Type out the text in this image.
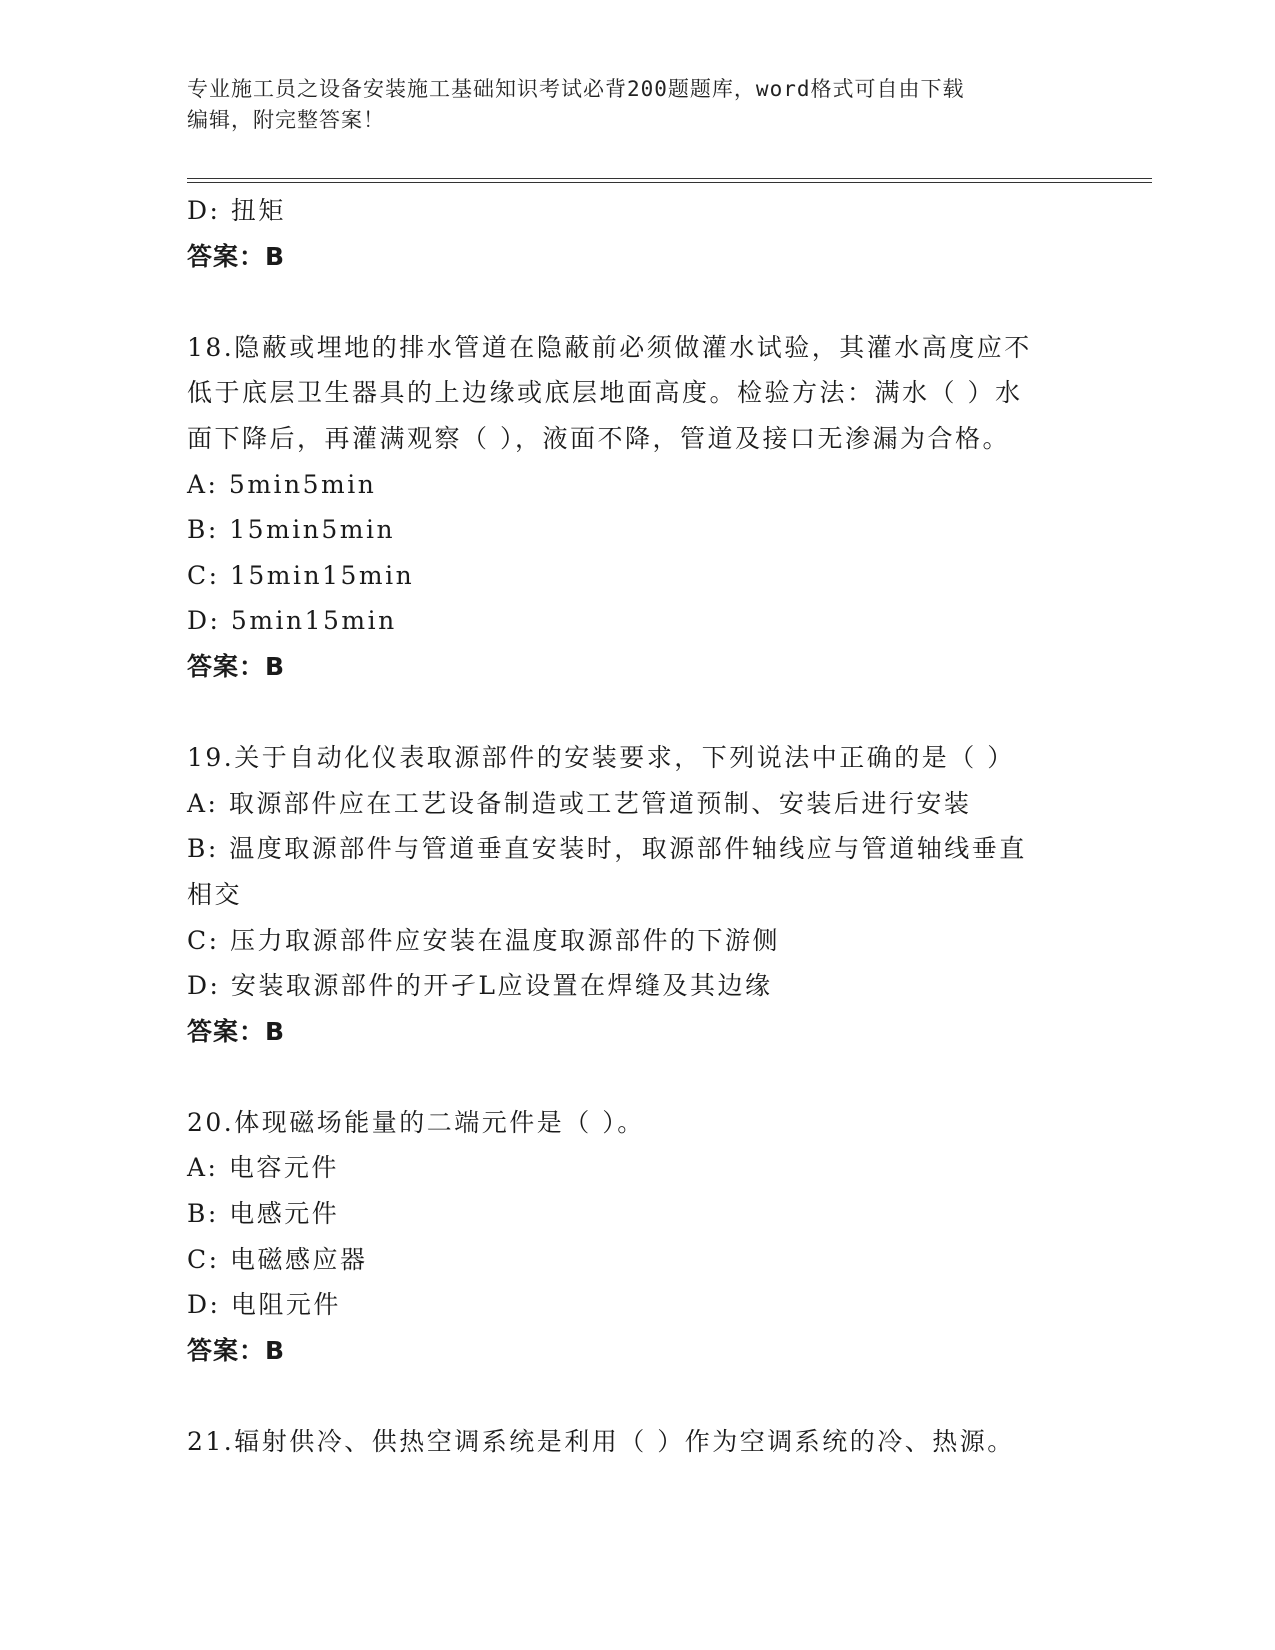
专业施工员之设备安装施工基础知识考试必背200题题库，word格式可自由下载
编辑，附完整答案！
D: 扭矩
答案：B
18.隐蔽或埋地的排水管道在隐蔽前必须做灌水试验，其灌水高度应不
低于底层卫生器具的上边缘或底层地面高度。检验方法：满水（ ）水
面下降后，再灌满观察（ ），液面不降，管道及接口无渗漏为合格。
A: 5min5min
B: 15min5min
C: 15min15min
D: 5min15min
答案：B
19.关于自动化仪表取源部件的安装要求，下列说法中正确的是（ ）
A: 取源部件应在工艺设备制造或工艺管道预制、安装后进行安装
B: 温度取源部件与管道垂直安装时，取源部件轴线应与管道轴线垂直
相交
C: 压力取源部件应安装在温度取源部件的下游侧
D: 安装取源部件的开孑L应设置在焊缝及其边缘
答案：B
20.体现磁场能量的二端元件是（ ）。
A: 电容元件
B: 电感元件
C: 电磁感应器
D: 电阻元件
答案：B
21.辐射供冷、供热空调系统是利用（ ）作为空调系统的冷、热源。
